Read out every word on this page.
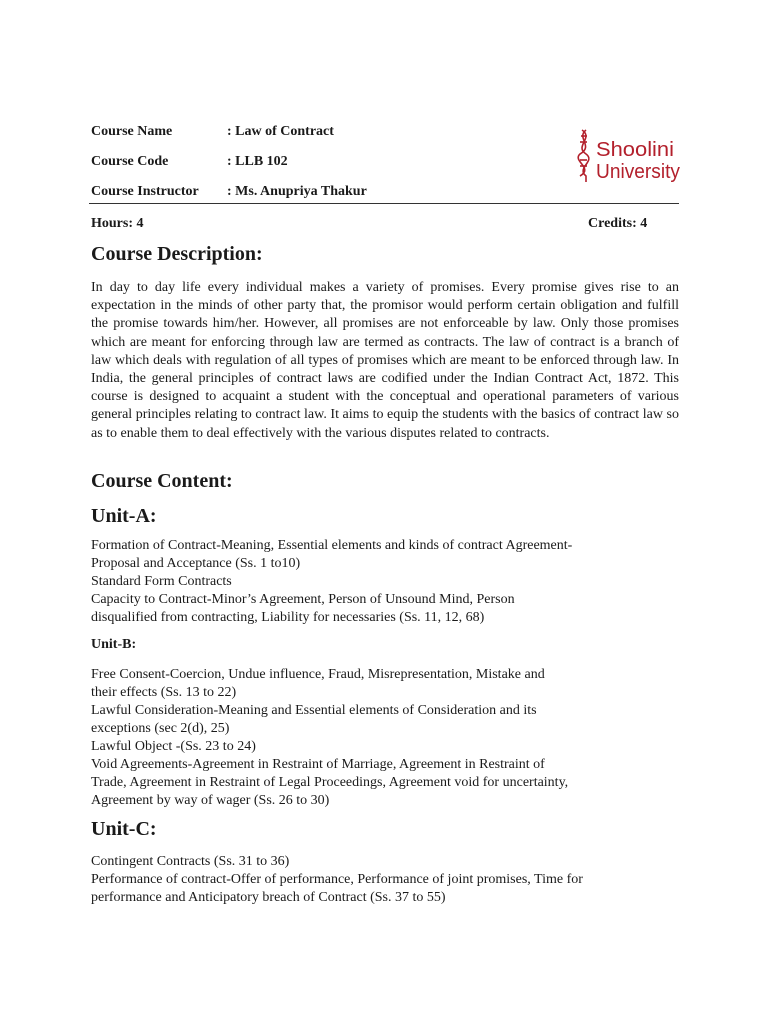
Course Name	: Law of Contract
Course Code	: LLB 102
Course Instructor	: Ms. Anupriya Thakur
Shoolini
University
Hours: 4	Credits: 4
Course Description:

In day to day life every individual makes a variety of promises. Every promise gives rise to an expectation in the minds of other party that, the promisor would perform certain obligation and fulfill the promise towards him/her. However, all promises are not enforceable by law. Only those promises which are meant for enforcing through law are termed as contracts. The law of contract is a branch of law which deals with regulation of all types of promises which are meant to be enforced through law. In India, the general principles of contract laws are codified under the Indian Contract Act, 1872. This course is designed to acquaint a student with the conceptual and operational parameters of various general principles relating to contract law. It aims to equip the students with the basics of contract law so as to enable them to deal effectively with the various disputes related to contracts.

Course Content:
Unit-A:
Formation of Contract-Meaning, Essential elements and kinds of contract Agreement-
Proposal and Acceptance (Ss. 1 to10)
Standard Form Contracts
Capacity to Contract-Minor’s Agreement, Person of Unsound Mind, Person
disqualified from contracting, Liability for necessaries (Ss. 11, 12, 68)
Unit-B:
Free Consent-Coercion, Undue influence, Fraud, Misrepresentation, Mistake and
their effects (Ss. 13 to 22)
Lawful Consideration-Meaning and Essential elements of Consideration and its
exceptions (sec 2(d), 25)
Lawful Object -(Ss. 23 to 24)
Void Agreements-Agreement in Restraint of Marriage, Agreement in Restraint of
Trade, Agreement in Restraint of Legal Proceedings, Agreement void for uncertainty,
Agreement by way of wager (Ss. 26 to 30)
Unit-C:
Contingent Contracts (Ss. 31 to 36)
Performance of contract-Offer of performance, Performance of joint promises, Time for
performance and Anticipatory breach of Contract (Ss. 37 to 55)
